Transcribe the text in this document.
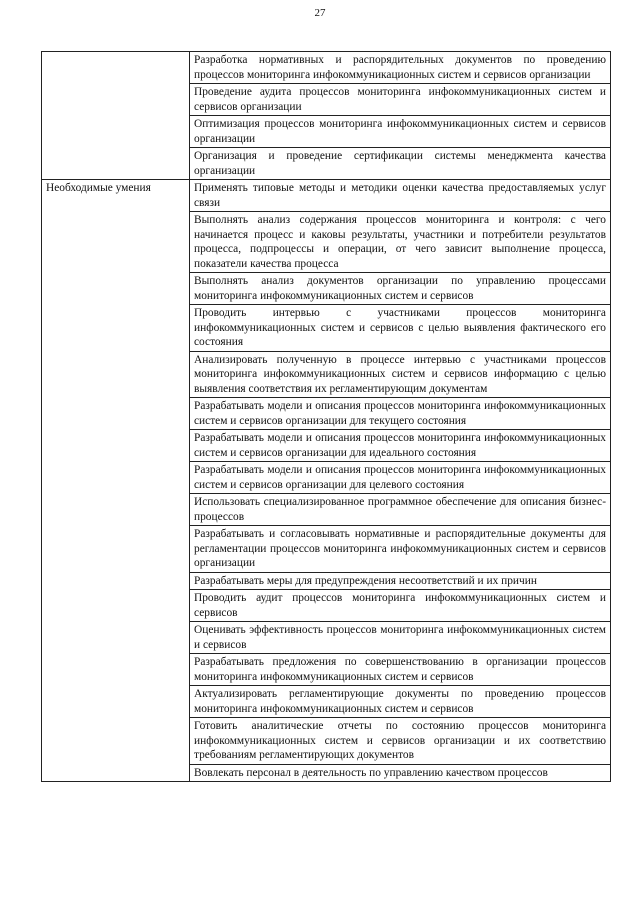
27
	Разработка нормативных и распорядительных документов по проведению процессов мониторинга инфокоммуникационных систем и сервисов организации
	Проведение аудита процессов мониторинга инфокоммуникационных систем и сервисов организации
	Оптимизация процессов мониторинга инфокоммуникационных систем и сервисов организации
	Организация и проведение сертификации системы менеджмента качества организации
Необходимые умения	Применять типовые методы и методики оценки качества предоставляемых услуг связи
	Выполнять анализ содержания процессов мониторинга и контроля: с чего начинается процесс и каковы результаты, участники и потребители результатов процесса, подпроцессы и операции, от чего зависит выполнение процесса, показатели качества процесса
	Выполнять анализ документов организации по управлению процессами мониторинга инфокоммуникационных систем и сервисов
	Проводить интервью с участниками процессов мониторинга инфокоммуникационных систем и сервисов с целью выявления фактического его состояния
	Анализировать полученную в процессе интервью с участниками процессов мониторинга инфокоммуникационных систем и сервисов информацию с целью выявления соответствия их регламентирующим документам
	Разрабатывать модели и описания процессов мониторинга инфокоммуникационных систем и сервисов организации для текущего состояния
	Разрабатывать модели и описания процессов мониторинга инфокоммуникационных систем и сервисов организации для идеального состояния
	Разрабатывать модели и описания процессов мониторинга инфокоммуникационных систем и сервисов организации для целевого состояния
	Использовать специализированное программное обеспечение для описания бизнес-процессов
	Разрабатывать и согласовывать нормативные и распорядительные документы для регламентации процессов мониторинга инфокоммуникационных систем и сервисов организации
	Разрабатывать меры для предупреждения несоответствий и их причин
	Проводить аудит процессов мониторинга инфокоммуникационных систем и сервисов
	Оценивать эффективность процессов мониторинга инфокоммуникационных систем и сервисов
	Разрабатывать предложения по совершенствованию в организации процессов мониторинга инфокоммуникационных систем и сервисов
	Актуализировать регламентирующие документы по проведению процессов мониторинга инфокоммуникационных систем и сервисов
	Готовить аналитические отчеты по состоянию процессов мониторинга инфокоммуникационных систем и сервисов организации и их соответствию требованиям регламентирующих документов
	Вовлекать персонал в деятельность по управлению качеством процессов
